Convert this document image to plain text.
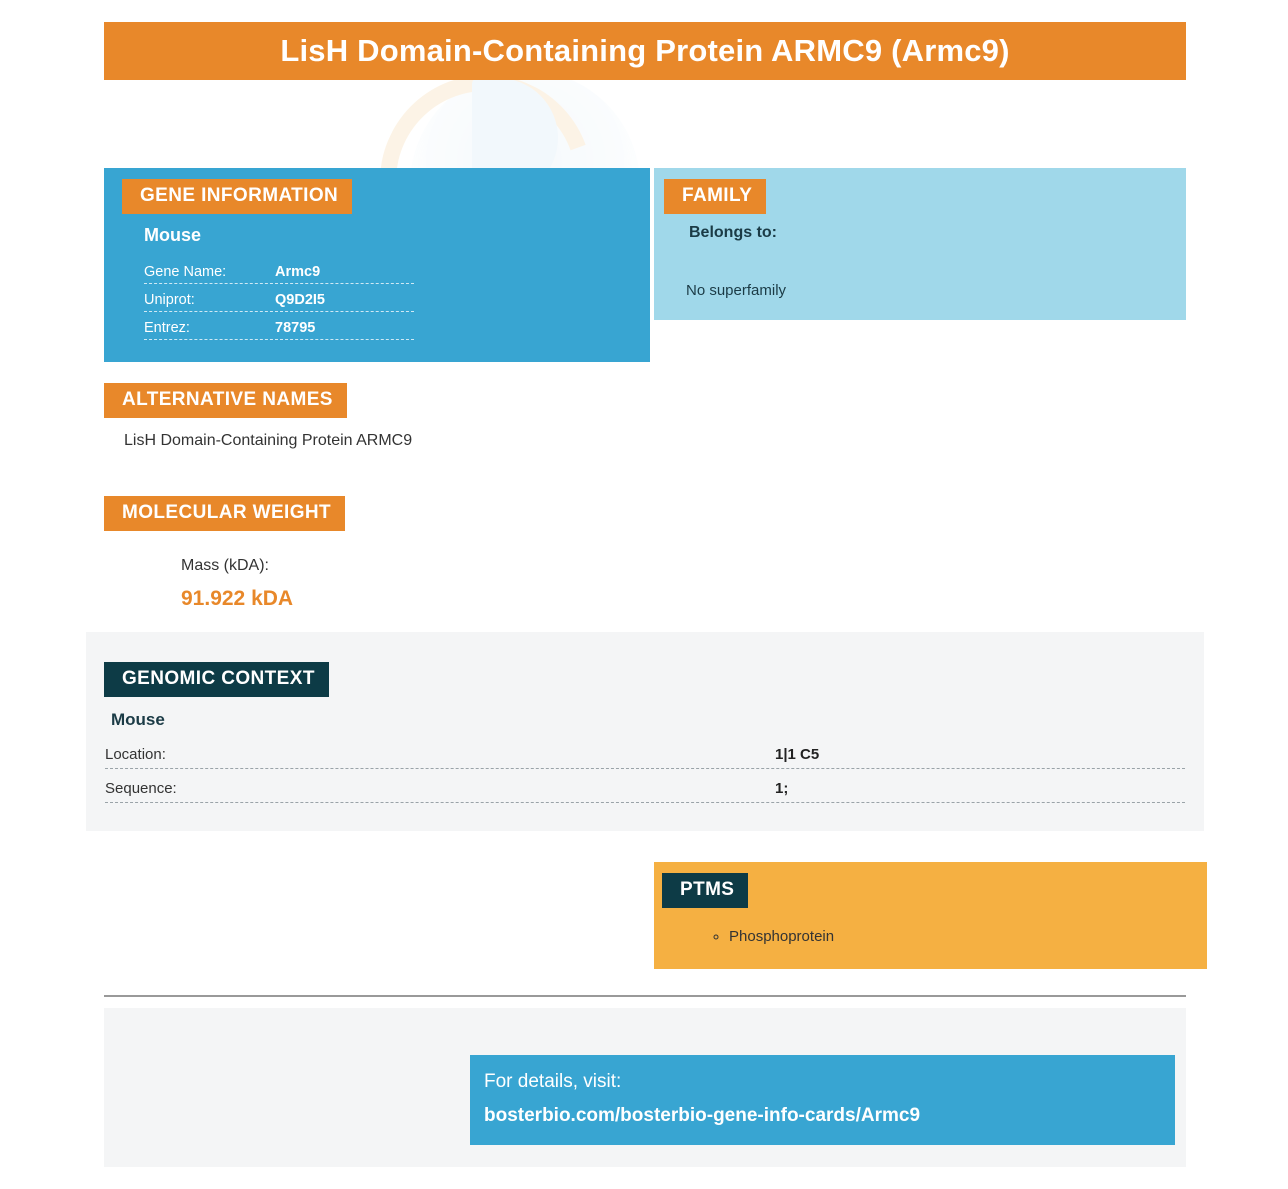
LisH Domain-Containing Protein ARMC9 (Armc9)
GENE INFORMATION
Mouse
Gene Name:	Armc9
Uniprot:	Q9D2I5
Entrez:	78795
FAMILY
Belongs to:
No superfamily
ALTERNATIVE NAMES
LisH Domain-Containing Protein ARMC9
MOLECULAR WEIGHT
Mass (kDA):
91.922 kDA
GENOMIC CONTEXT
Mouse
Location:	1|1 C5
Sequence:	1;
PTMS
◦ Phosphoprotein
For details, visit:
bosterbio.com/bosterbio-gene-info-cards/Armc9
